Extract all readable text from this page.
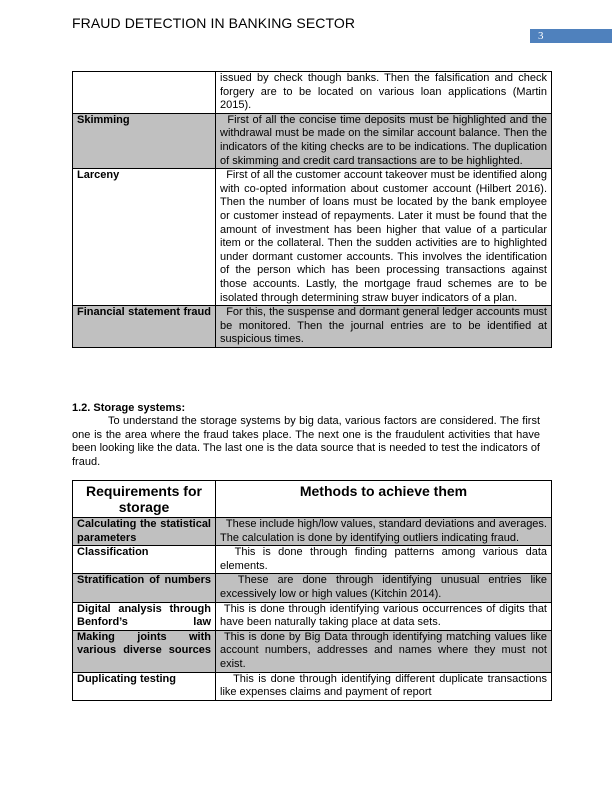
FRAUD DETECTION IN BANKING SECTOR
3
	issued by check though banks. Then the falsification and check forgery are to be located on various loan applications (Martin 2015).
Skimming	First of all the concise time deposits must be highlighted and the withdrawal must be made on the similar account balance. Then the indicators of the kiting checks are to be indications. The duplication of skimming and credit card transactions are to be highlighted.
Larceny	First of all the customer account takeover must be identified along with co-opted information about customer account (Hilbert 2016). Then the number of loans must be located by the bank employee or customer instead of repayments. Later it must be found that the amount of investment has been higher that value of a particular item or the collateral. Then the sudden activities are to highlighted under dormant customer accounts. This involves the identification of the person which has been processing transactions against those accounts. Lastly, the mortgage fraud schemes are to be isolated through determining straw buyer indicators of a plan.
Financial statement fraud	For this, the suspense and dormant general ledger accounts must be monitored. Then the journal entries are to be identified at suspicious times.
1.2. Storage systems:
To understand the storage systems by big data, various factors are considered. The first one is the area where the fraud takes place. The next one is the fraudulent activities that have been looking like the data. The last one is the data source that is needed to test the indicators of fraud.
Requirements for storage	Methods to achieve them
Calculating the statistical parameters	These include high/low values, standard deviations and averages. The calculation is done by identifying outliers indicating fraud.
Classification	This is done through finding patterns among various data elements.
Stratification of numbers	These are done through identifying unusual entries like excessively low or high values (Kitchin 2014).
Digital analysis through Benford’s law	This is done through identifying various occurrences of digits that have been naturally taking place at data sets.
Making joints with various diverse sources	This is done by Big Data through identifying matching values like account numbers, addresses and names where they must not exist.
Duplicating testing	This is done through identifying different duplicate transactions like expenses claims and payment of report
